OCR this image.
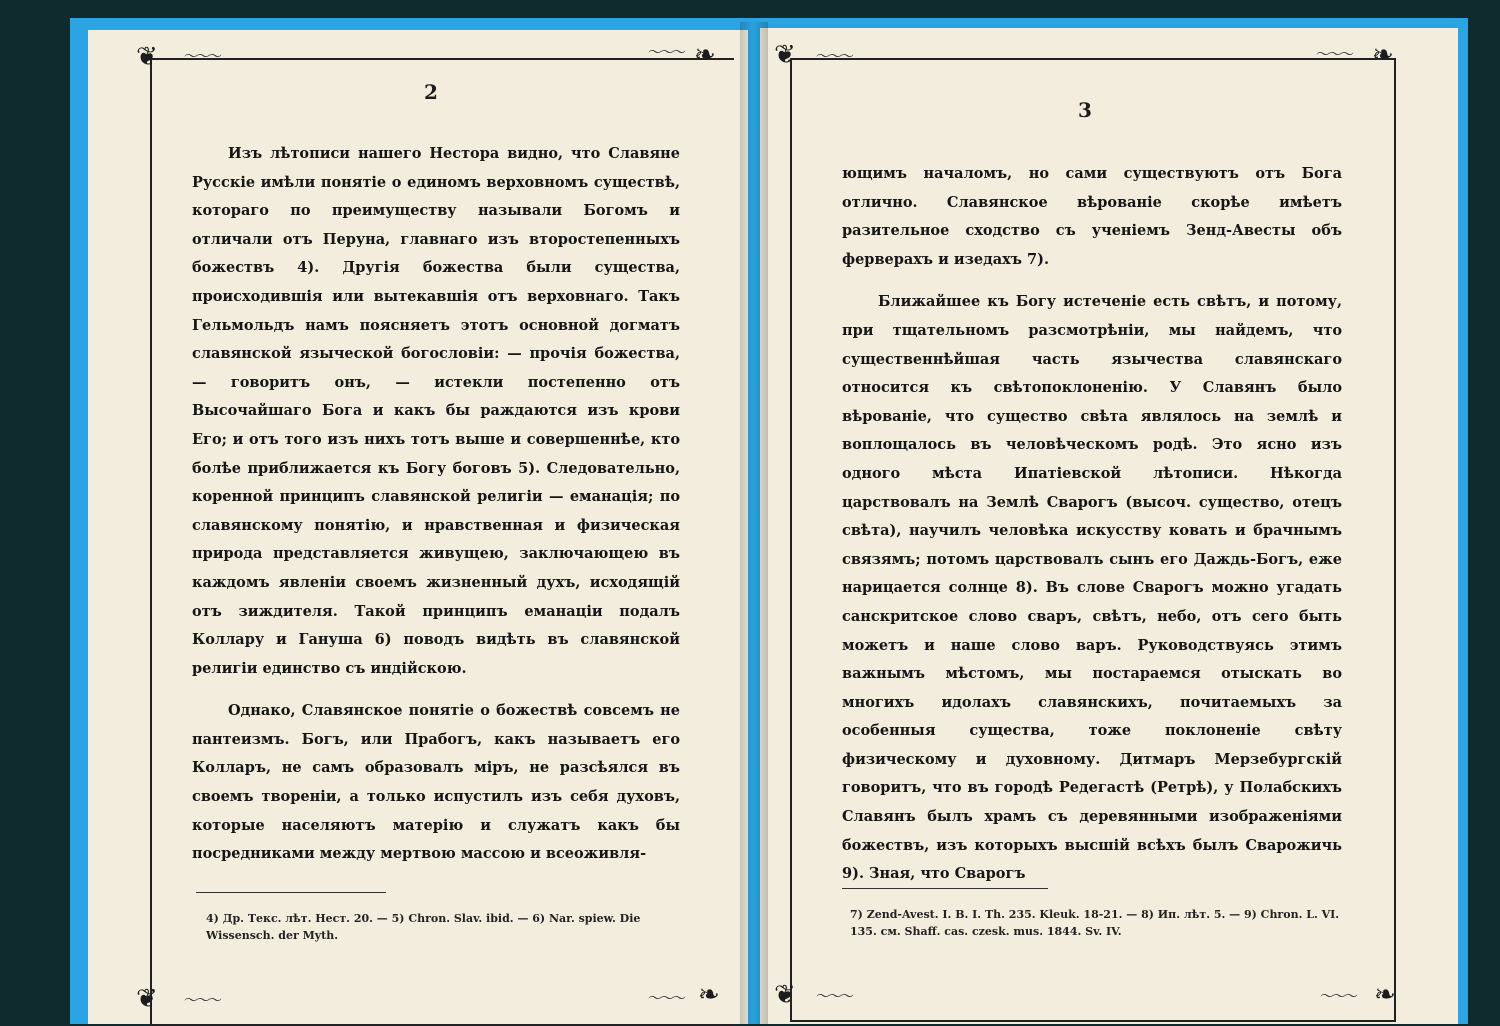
❦	❧
❦	❧
〜〜〜	〜〜〜
〜〜〜	〜〜〜
2

Изъ лѣтописи нашего Нестора видно, что Славяне Русскіе имѣли понятіе о единомъ верховномъ существѣ, котораго по преимуществу называли Богомъ и отличали отъ Перуна, главнаго изъ второстепенныхъ божествъ 4). Другія божества были существа, происходившія или вытекавшія отъ верховнаго. Такъ Гельмольдъ намъ поясняетъ этотъ основной догматъ славянской языческой богословіи: — прочія божества, — говоритъ онъ, — истекли постепенно отъ Высочайшаго Бога и какъ бы раждаются изъ крови Его; и отъ того изъ нихъ тотъ выше и совершеннѣе, кто болѣе приближается къ Богу боговъ 5). Следовательно, коренной принципъ славянской религіи — еманація; по славянскому понятію, и нравственная и физическая природа представляется живущею, заключающею въ каждомъ явленіи своемъ жизненный духъ, исходящій отъ зиждителя. Такой принципъ еманаціи подалъ Коллару и Гануша 6) поводъ видѣть въ славянской религіи единство съ индійскою.

Однако, Славянское понятіе о божествѣ совсемъ не пантеизмъ. Богъ, или Прабогъ, какъ называетъ его Колларъ, не самъ образовалъ міръ, не разсѣялся въ своемъ твореніи, а только испустилъ изъ себя духовъ, которые населяютъ матерію и служатъ какъ бы посредниками между мертвою массою и всеоживля-

4) Др. Текс. лѣт. Нест. 20. — 5) Chron. Slav. ibid. — 6) Nar. spiew. Die Wissensch. der Myth.
❦	❧
❦	❧
〜〜〜	〜〜〜
〜〜〜	〜〜〜
3

ющимъ началомъ, но сами существуютъ отъ Бога отлично. Славянское вѣрованіе скорѣе имѣетъ разительное сходство съ ученіемъ Зенд-Авесты объ ферверахъ и изедахъ 7).

Ближайшее къ Богу истеченіе есть свѣтъ, и потому, при тщательномъ разсмотрѣніи, мы найдемъ, что существеннѣйшая часть язычества славянскаго относится къ свѣтопоклоненію. У Славянъ было вѣрованіе, что существо свѣта являлось на землѣ и воплощалось въ человѣческомъ родѣ. Это ясно изъ одного мѣста Ипатіевской лѣтописи. Нѣкогда царствовалъ на Землѣ Сварогъ (высоч. существо, отецъ свѣта), научилъ человѣка искусству ковать и брачнымъ связямъ; потомъ царствовалъ сынъ его Даждь-Богъ, еже нарицается солнце 8). Въ слове Сварогъ можно угадать санскритское слово сваръ, свѣтъ, небо, отъ сего быть можетъ и наше слово варъ. Руководствуясь этимъ важнымъ мѣстомъ, мы постараемся отыскать во многихъ идолахъ славянскихъ, почитаемыхъ за особенныя существа, тоже поклоненіе свѣту физическому и духовному. Дитмаръ Мерзебургскій говоритъ, что въ городѣ Редегастѣ (Ретрѣ), у Полабскихъ Славянъ былъ храмъ съ деревянными изображеніями божествъ, изъ которыхъ высшій всѣхъ былъ Сварожичь 9). Зная, что Сварогъ

7) Zend-Avest. I. B. I. Th. 235. Kleuk. 18-21. — 8) Ип. лѣт. 5. — 9) Chron. L. VI. 135. см. Shaff. cas. czesk. mus. 1844. Sv. IV.
